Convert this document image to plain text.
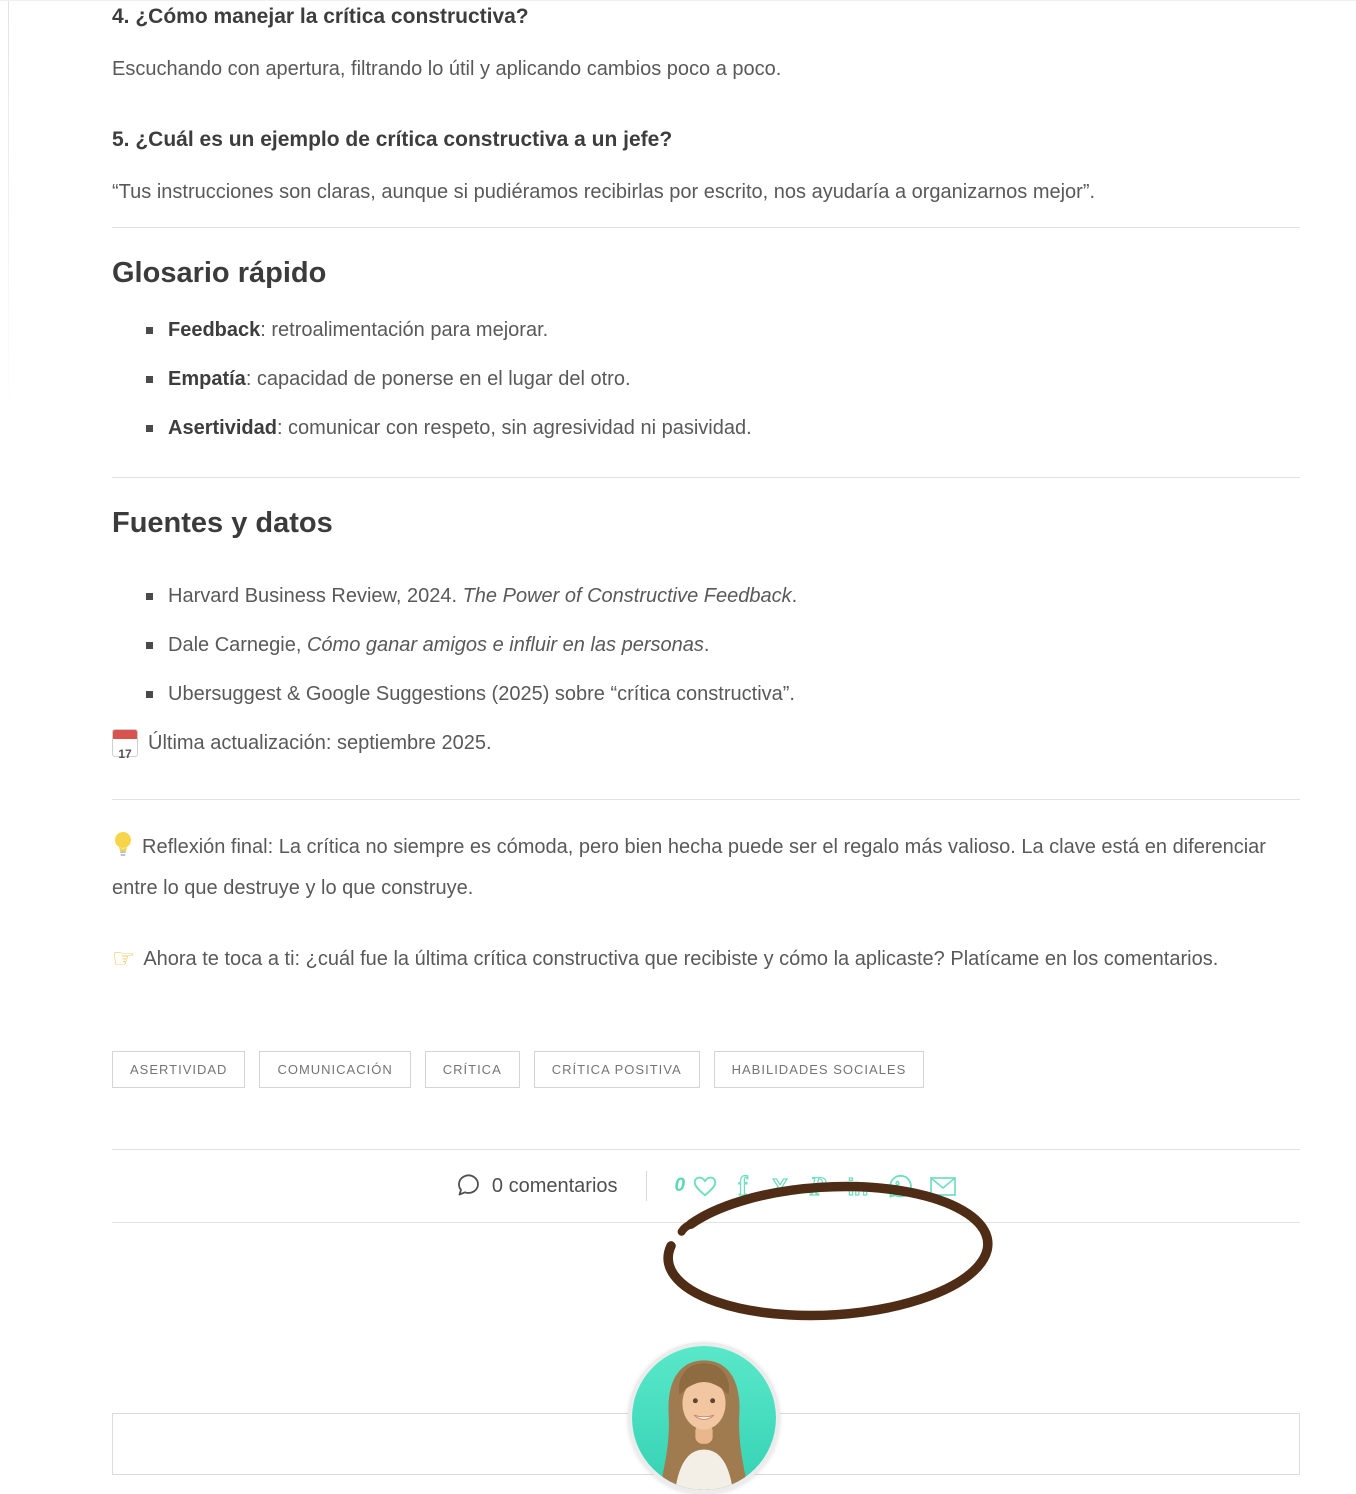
4. ¿Cómo manejar la crítica constructiva?

Escuchando con apertura, filtrando lo útil y aplicando cambios poco a poco.

5. ¿Cuál es un ejemplo de crítica constructiva a un jefe?

“Tus instrucciones son claras, aunque si pudiéramos recibirlas por escrito, nos ayudaría a organizarnos mejor”.

Glosario rápido
Feedback: retroalimentación para mejorar.
Empatía: capacidad de ponerse en el lugar del otro.
Asertividad: comunicar con respeto, sin agresividad ni pasividad.
Fuentes y datos
Harvard Business Review, 2024. The Power of Constructive Feedback.
Dale Carnegie, Cómo ganar amigos e influir en las personas.
Ubersuggest & Google Suggestions (2025) sobre “crítica constructiva”.

17 Última actualización: septiembre 2025.

Reflexión final: La crítica no siempre es cómoda, pero bien hecha puede ser el regalo más valioso. La clave está en diferenciar entre lo que destruye y lo que construye.

☞ Ahora te toca a ti: ¿cuál fue la última crítica constructiva que recibiste y cómo la aplicaste? Platícame en los comentarios.

ASERTIVIDAD	COMUNICACIÓN	CRÍTICA	CRÍTICA POSITIVA	HABILIDADES SOCIALES
0 comentarios	0 f X P in
